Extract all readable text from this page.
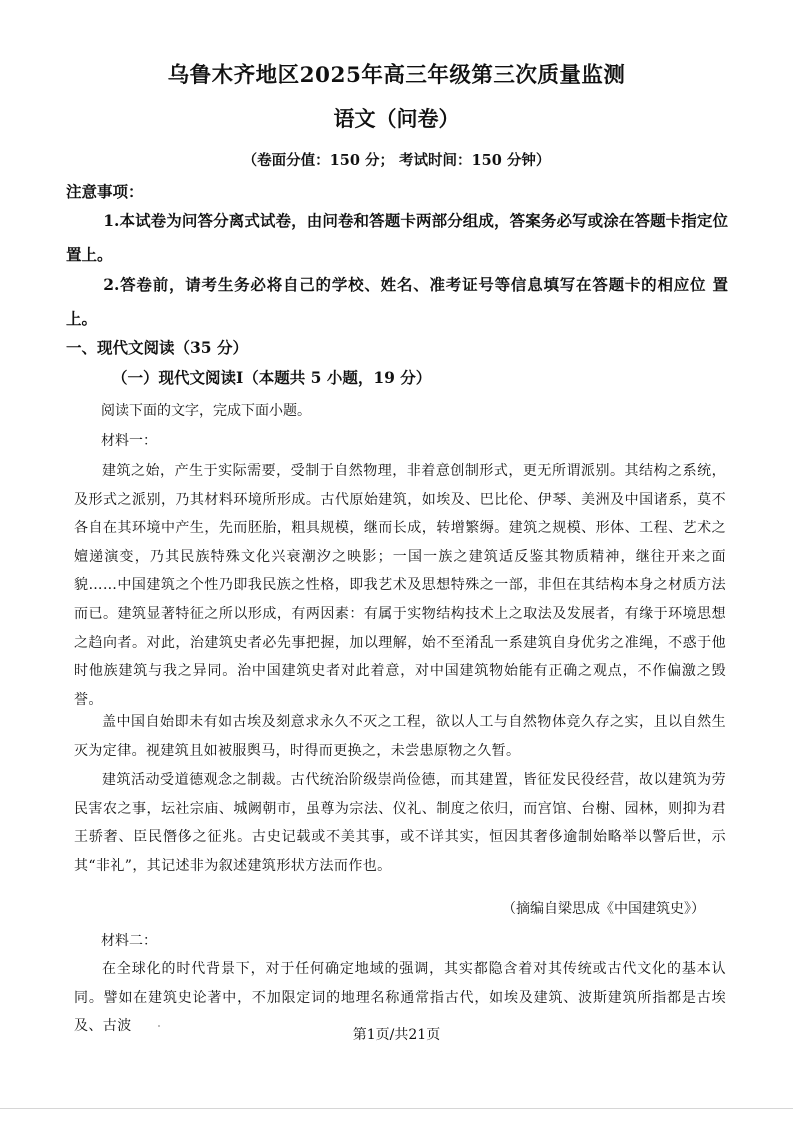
乌鲁木齐地区2025年高三年级第三次质量监测
语文（问卷）
（卷面分值：150 分； 考试时间：150 分钟）
注意事项：

1.本试卷为问答分离式试卷，由问卷和答题卡两部分组成，答案务必写或涂在答题卡指定位置上。

2.答卷前，请考生务必将自己的学校、姓名、准考证号等信息填写在答题卡的相应位 置上。

一、现代文阅读（35 分）
（一）现代文阅读Ⅰ（本题共 5 小题，19 分）
阅读下面的文字，完成下面小题。
材料一：

建筑之始，产生于实际需要，受制于自然物理，非着意创制形式，更无所谓派别。其结构之系统，及形式之派别，乃其材料环境所形成。古代原始建筑，如埃及、巴比伦、伊琴、美洲及中国诸系，莫不各自在其环境中产生，先而胚胎，粗具规模，继而长成，转增繁缛。建筑之规模、形体、工程、艺术之嬗递演变，乃其民族特殊文化兴衰潮汐之映影；一国一族之建筑适反鉴其物质精神，继往开来之面貌……中国建筑之个性乃即我民族之性格，即我艺术及思想特殊之一部，非但在其结构本身之材质方法而已。建筑显著特征之所以形成，有两因素：有属于实物结构技术上之取法及发展者，有缘于环境思想之趋向者。对此，治建筑史者必先事把握，加以理解，始不至淆乱一系建筑自身优劣之准绳，不惑于他时他族建筑与我之异同。治中国建筑史者对此着意，对中国建筑物始能有正确之观点，不作偏激之毁誉。

盖中国自始即未有如古埃及刻意求永久不灭之工程，欲以人工与自然物体竞久存之实，且以自然生灭为定律。视建筑且如被服舆马，时得而更换之，未尝患原物之久暂。

建筑活动受道德观念之制裁。古代统治阶级崇尚俭德，而其建置，皆征发民役经营，故以建筑为劳民害农之事，坛社宗庙、城阙朝市，虽尊为宗法、仪礼、制度之依归，而宫馆、台榭、园林，则抑为君王骄奢、臣民僭侈之征兆。古史记载或不美其事，或不详其实，恒因其奢侈逾制始略举以警后世，示其“非礼”，其记述非为叙述建筑形状方法而作也。

（摘编自梁思成《中国建筑史》）
材料二：

在全球化的时代背景下，对于任何确定地域的强调，其实都隐含着对其传统或古代文化的基本认同。譬如在建筑史论著中，不加限定词的地理名称通常指古代，如埃及建筑、波斯建筑所指都是古埃及、古波

第1页/共21页
